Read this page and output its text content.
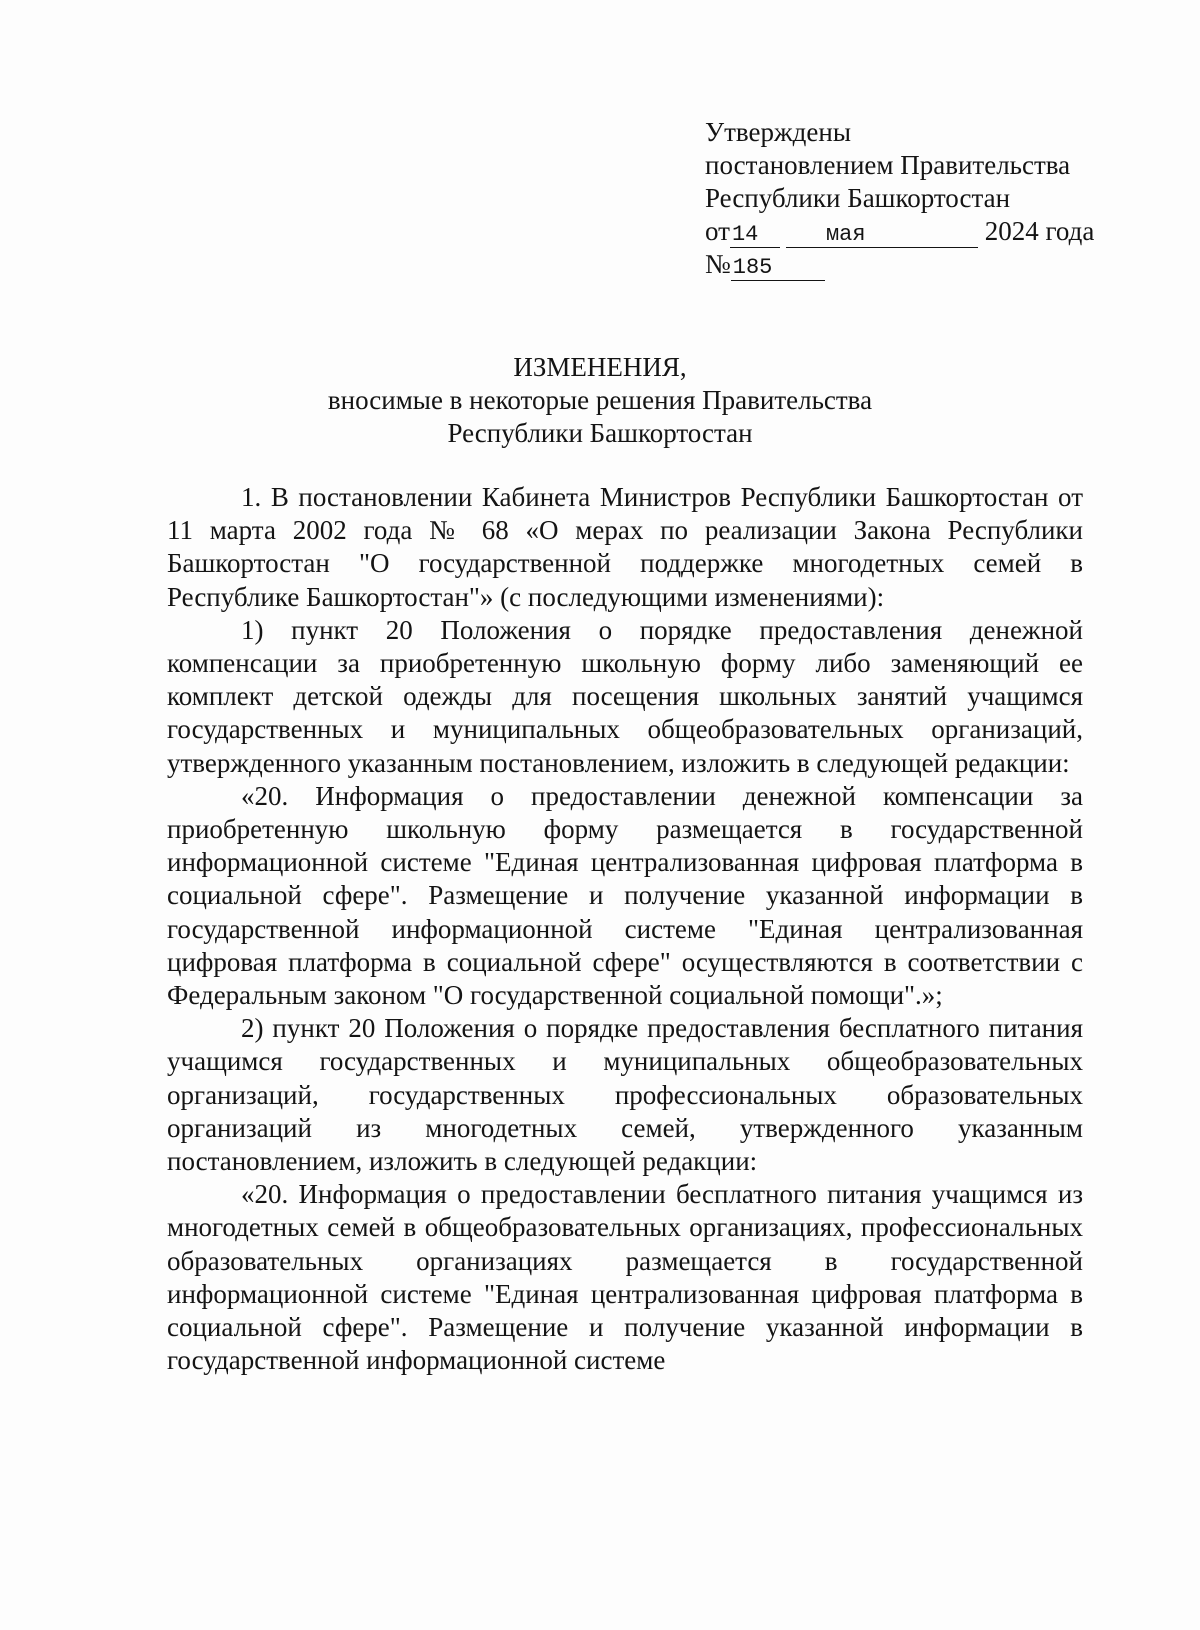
Утверждены
постановлением Правительства
Республики Башкортостан
от14	мая	2024 года
№185
ИЗМЕНЕНИЯ,
вносимые в некоторые решения Правительства
Республики Башкортостан

1. В постановлении Кабинета Министров Республики Башкортостан от 11 марта 2002 года № 68 «О мерах по реализации Закона Республики Башкортостан "О государственной поддержке многодетных семей в Республике Башкортостан"» (с последующими изменениями):

1) пункт 20 Положения о порядке предоставления денежной компенсации за приобретенную школьную форму либо заменяющий ее комплект детской одежды для посещения школьных занятий учащимся государственных и муниципальных общеобразовательных организаций, утвержденного указанным постановлением, изложить в следующей редакции:

«20. Информация о предоставлении денежной компенсации за приобретенную школьную форму размещается в государственной информационной системе "Единая централизованная цифровая платформа в социальной сфере". Размещение и получение указанной информации в государственной информационной системе "Единая централизованная цифровая платформа в социальной сфере" осуществляются в соответствии с Федеральным законом "О государственной социальной помощи".»;

2) пункт 20 Положения о порядке предоставления бесплатного питания учащимся государственных и муниципальных общеобразовательных организаций, государственных профессиональных образовательных организаций из многодетных семей, утвержденного указанным постановлением, изложить в следующей редакции:

«20. Информация о предоставлении бесплатного питания учащимся из многодетных семей в общеобразовательных организациях, профессиональных образовательных организациях размещается в государственной информационной системе "Единая централизованная цифровая платформа в социальной сфере". Размещение и получение указанной информации в государственной информационной системе
